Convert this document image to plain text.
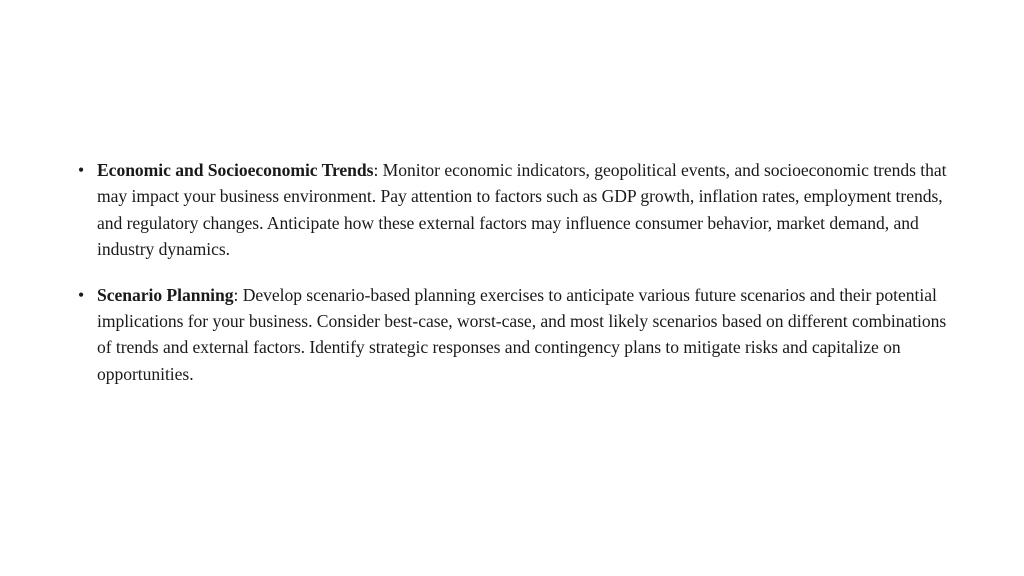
• Economic and Socioeconomic Trends: Monitor economic indicators, geopolitical events, and socioeconomic trends that may impact your business environment. Pay attention to factors such as GDP growth, inflation rates, employment trends, and regulatory changes. Anticipate how these external factors may influence consumer behavior, market demand, and industry dynamics.
• Scenario Planning: Develop scenario-based planning exercises to anticipate various future scenarios and their potential implications for your business. Consider best-case, worst-case, and most likely scenarios based on different combinations of trends and external factors. Identify strategic responses and contingency plans to mitigate risks and capitalize on opportunities.
